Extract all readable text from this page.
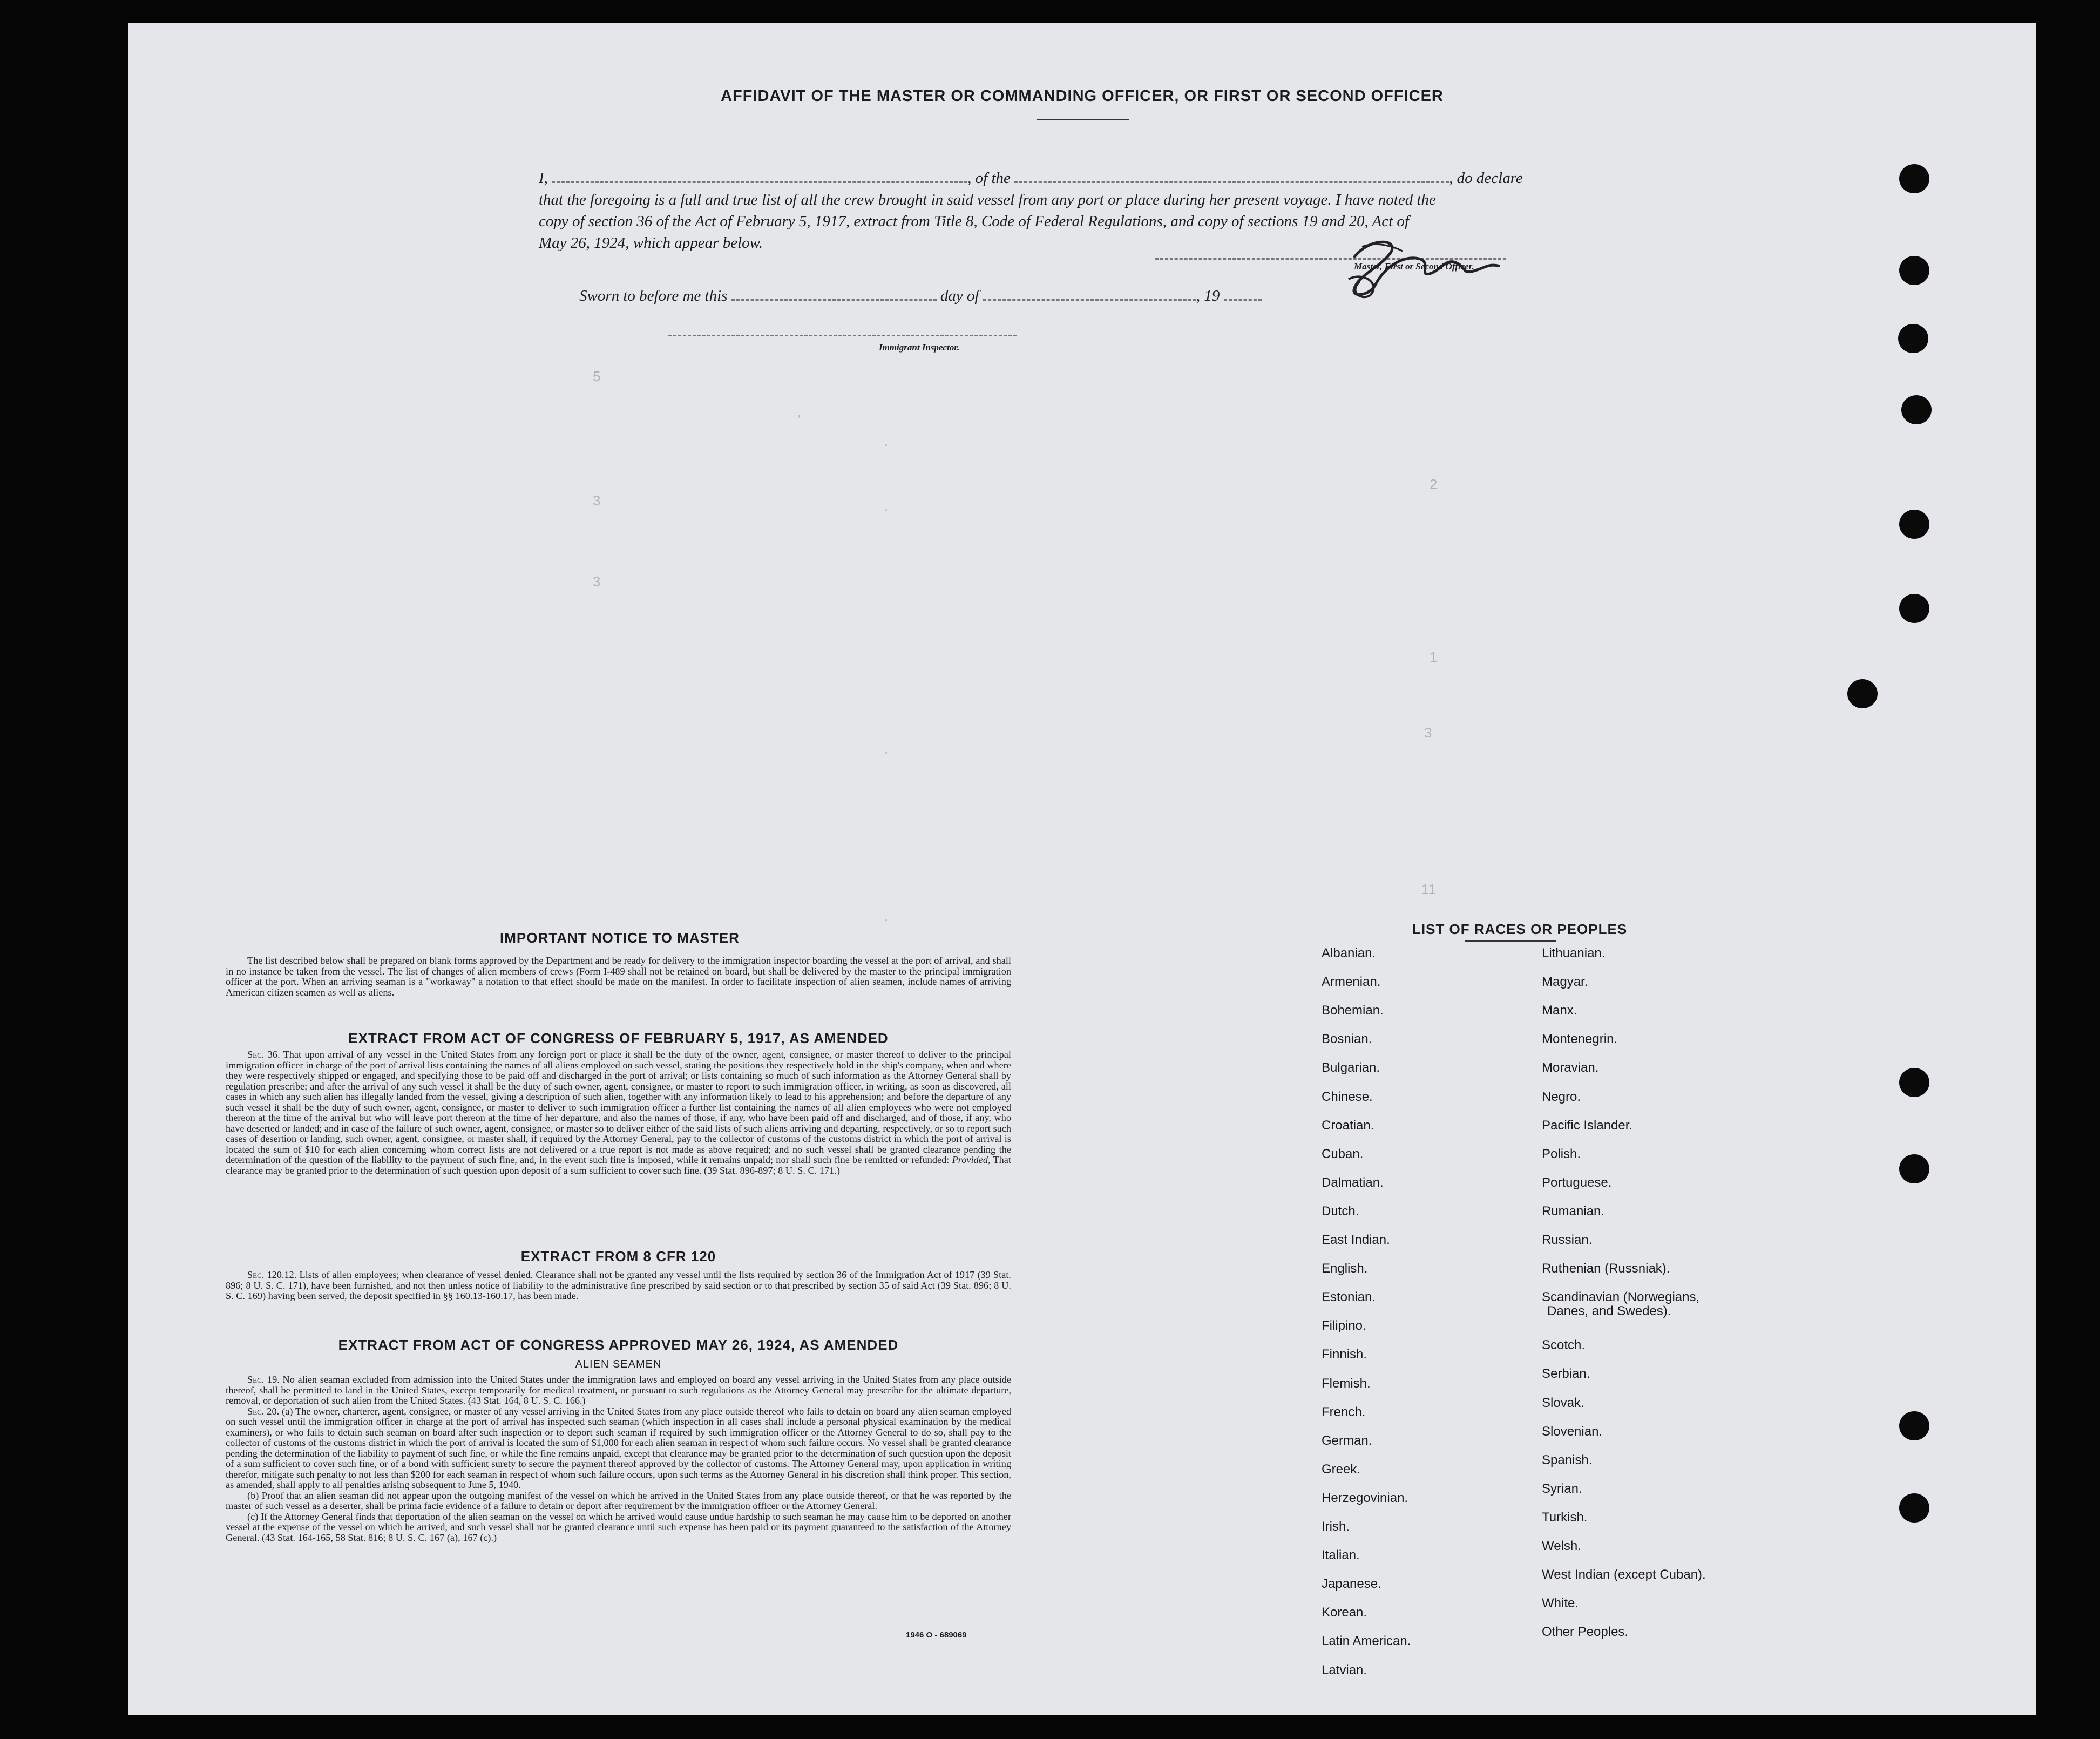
AFFIDAVIT OF THE MASTER OR COMMANDING OFFICER, OR FIRST OR SECOND OFFICER
I,	, of the	, do declare
that the foregoing is a full and true list of all the crew brought in said vessel from any port or place during her present voyage. I have noted the
copy of section 36 of the Act of February 5, 1917, extract from Title 8, Code of Federal Regulations, and copy of sections 19 and 20, Act of
May 26, 1924, which appear below.
Master, First or Second Officer.
Sworn to before me this	day of	, 19
Immigrant Inspector.
5
'
.
.
3
3
2
1
3
11
.
.
IMPORTANT NOTICE TO MASTER

The list described below shall be prepared on blank forms approved by the Department and be ready for delivery to the immigration inspector boarding the vessel at the port of arrival, and shall in no instance be taken from the vessel. The list of changes of alien members of crews (Form I-489 shall not be retained on board, but shall be delivered by the master to the principal immigration officer at the port. When an arriving seaman is a "workaway" a notation to that effect should be made on the manifest. In order to facilitate inspection of alien seamen, include names of arriving American citizen seamen as well as aliens.

EXTRACT FROM ACT OF CONGRESS OF FEBRUARY 5, 1917, AS AMENDED

Sec. 36. That upon arrival of any vessel in the United States from any foreign port or place it shall be the duty of the owner, agent, consignee, or master thereof to deliver to the principal immigration officer in charge of the port of arrival lists containing the names of all aliens employed on such vessel, stating the positions they respectively hold in the ship's company, when and where they were respectively shipped or engaged, and specifying those to be paid off and discharged in the port of arrival; or lists containing so much of such information as the Attorney General shall by regulation prescribe; and after the arrival of any such vessel it shall be the duty of such owner, agent, consignee, or master to report to such immigration officer, in writing, as soon as discovered, all cases in which any such alien has illegally landed from the vessel, giving a description of such alien, together with any information likely to lead to his apprehension; and before the departure of any such vessel it shall be the duty of such owner, agent, consignee, or master to deliver to such immigration officer a further list containing the names of all alien employees who were not employed thereon at the time of the arrival but who will leave port thereon at the time of her departure, and also the names of those, if any, who have been paid off and discharged, and of those, if any, who have deserted or landed; and in case of the failure of such owner, agent, consignee, or master so to deliver either of the said lists of such aliens arriving and departing, respectively, or so to report such cases of desertion or landing, such owner, agent, consignee, or master shall, if required by the Attorney General, pay to the collector of customs of the customs district in which the port of arrival is located the sum of $10 for each alien concerning whom correct lists are not delivered or a true report is not made as above required; and no such vessel shall be granted clearance pending the determination of the question of the liability to the payment of such fine, and, in the event such fine is imposed, while it remains unpaid; nor shall such fine be remitted or refunded: Provided, That clearance may be granted prior to the determination of such question upon deposit of a sum sufficient to cover such fine. (39 Stat. 896-897; 8 U. S. C. 171.)

EXTRACT FROM 8 CFR 120

Sec. 120.12. Lists of alien employees; when clearance of vessel denied. Clearance shall not be granted any vessel until the lists required by section 36 of the Immigration Act of 1917 (39 Stat. 896; 8 U. S. C. 171), have been furnished, and not then unless notice of liability to the administrative fine prescribed by said section or to that prescribed by section 35 of said Act (39 Stat. 896; 8 U. S. C. 169) having been served, the deposit specified in §§ 160.13-160.17, has been made.

EXTRACT FROM ACT OF CONGRESS APPROVED MAY 26, 1924, AS AMENDED
ALIEN SEAMEN

Sec. 19. No alien seaman excluded from admission into the United States under the immigration laws and employed on board any vessel arriving in the United States from any place outside thereof, shall be permitted to land in the United States, except temporarily for medical treatment, or pursuant to such regulations as the Attorney General may prescribe for the ultimate departure, removal, or deportation of such alien from the United States. (43 Stat. 164, 8 U. S. C. 166.)

Sec. 20. (a) The owner, charterer, agent, consignee, or master of any vessel arriving in the United States from any place outside thereof who fails to detain on board any alien seaman employed on such vessel until the immigration officer in charge at the port of arrival has inspected such seaman (which inspection in all cases shall include a personal physical examination by the medical examiners), or who fails to detain such seaman on board after such inspection or to deport such seaman if required by such immigration officer or the Attorney General to do so, shall pay to the collector of customs of the customs district in which the port of arrival is located the sum of $1,000 for each alien seaman in respect of whom such failure occurs. No vessel shall be granted clearance pending the determination of the liability to payment of such fine, or while the fine remains unpaid, except that clearance may be granted prior to the determination of such question upon the deposit of a sum sufficient to cover such fine, or of a bond with sufficient surety to secure the payment thereof approved by the collector of customs. The Attorney General may, upon application in writing therefor, mitigate such penalty to not less than $200 for each seaman in respect of whom such failure occurs, upon such terms as the Attorney General in his discretion shall think proper. This section, as amended, shall apply to all penalties arising subsequent to June 5, 1940.

(b) Proof that an alien seaman did not appear upon the outgoing manifest of the vessel on which he arrived in the United States from any place outside thereof, or that he was reported by the master of such vessel as a deserter, shall be prima facie evidence of a failure to detain or deport after requirement by the immigration officer or the Attorney General.

(c) If the Attorney General finds that deportation of the alien seaman on the vessel on which he arrived would cause undue hardship to such seaman he may cause him to be deported on another vessel at the expense of the vessel on which he arrived, and such vessel shall not be granted clearance until such expense has been paid or its payment guaranteed to the satisfaction of the Attorney General. (43 Stat. 164-165, 58 Stat. 816; 8 U. S. C. 167 (a), 167 (c).)

1946 O - 689069
LIST OF RACES OR PEOPLES
Albanian.
Armenian.
Bohemian.
Bosnian.
Bulgarian.
Chinese.
Croatian.
Cuban.
Dalmatian.
Dutch.
East Indian.
English.
Estonian.
Filipino.
Finnish.
Flemish.
French.
German.
Greek.
Herzegovinian.
Irish.
Italian.
Japanese.
Korean.
Latin American.
Latvian.
Lithuanian.
Magyar.
Manx.
Montenegrin.
Moravian.
Negro.
Pacific Islander.
Polish.
Portuguese.
Rumanian.
Russian.
Ruthenian (Russniak).
Scandinavian (Norwegians,
Danes, and Swedes).
Scotch.
Serbian.
Slovak.
Slovenian.
Spanish.
Syrian.
Turkish.
Welsh.
West Indian (except Cuban).
White.
Other Peoples.
